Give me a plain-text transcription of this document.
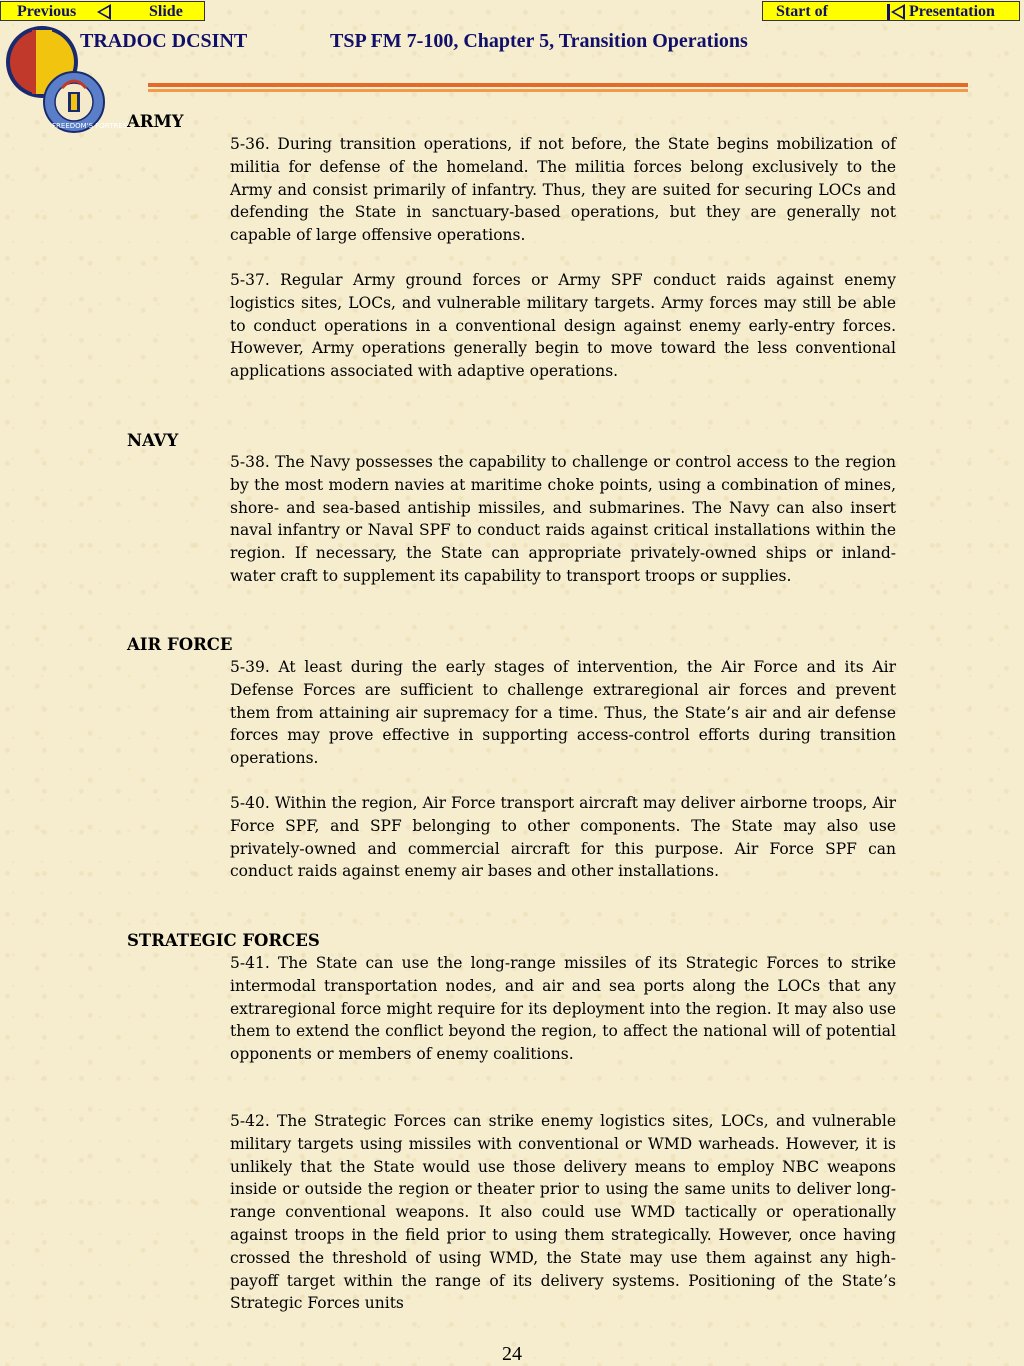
Previous	Slide	Start of	Presentation
FREEDOM'S FORTRESS
TRADOC DCSINT	TSP FM 7-100, Chapter 5, Transition Operations
ARMY

5-36. During transition operations, if not before, the State begins mobilization of militia for defense of the homeland. The militia forces belong exclusively to the Army and consist primarily of infantry. Thus, they are suited for securing LOCs and defending the State in sanctuary-based operations, but they are generally not capable of large offensive operations.

5-37. Regular Army ground forces or Army SPF conduct raids against enemy logistics sites, LOCs, and vulnerable military targets. Army forces may still be able to conduct operations in a conventional design against enemy early-entry forces. However, Army operations generally begin to move toward the less conventional applications associated with adaptive operations.

NAVY

5-38. The Navy possesses the capability to challenge or control access to the region by the most modern navies at maritime choke points, using a combination of mines, shore- and sea-based antiship missiles, and submarines. The Navy can also insert naval infantry or Naval SPF to conduct raids against critical installations within the region. If necessary, the State can appropriate privately-owned ships or inland-water craft to supplement its capability to transport troops or supplies.

AIR FORCE

5-39. At least during the early stages of intervention, the Air Force and its Air Defense Forces are sufficient to challenge extraregional air forces and prevent them from attaining air supremacy for a time. Thus, the State’s air and air defense forces may prove effective in supporting access-control efforts during transition operations.

5-40. Within the region, Air Force transport aircraft may deliver airborne troops, Air Force SPF, and SPF belonging to other components. The State may also use privately-owned and commercial aircraft for this purpose. Air Force SPF can conduct raids against enemy air bases and other installations.

STRATEGIC FORCES

5-41. The State can use the long-range missiles of its Strategic Forces to strike intermodal transportation nodes, and air and sea ports along the LOCs that any extraregional force might require for its deployment into the region. It may also use them to extend the conflict beyond the region, to affect the national will of potential opponents or members of enemy coalitions.

5-42. The Strategic Forces can strike enemy logistics sites, LOCs, and vulnerable military targets using missiles with conventional or WMD warheads. However, it is unlikely that the State would use those delivery means to employ NBC weapons inside or outside the region or theater prior to using the same units to deliver long-range conventional weapons. It also could use WMD tactically or operationally against troops in the field prior to using them strategically. However, once having crossed the threshold of using WMD, the State may use them against any high-payoff target within the range of its delivery systems. Positioning of the State’s Strategic Forces units

24
